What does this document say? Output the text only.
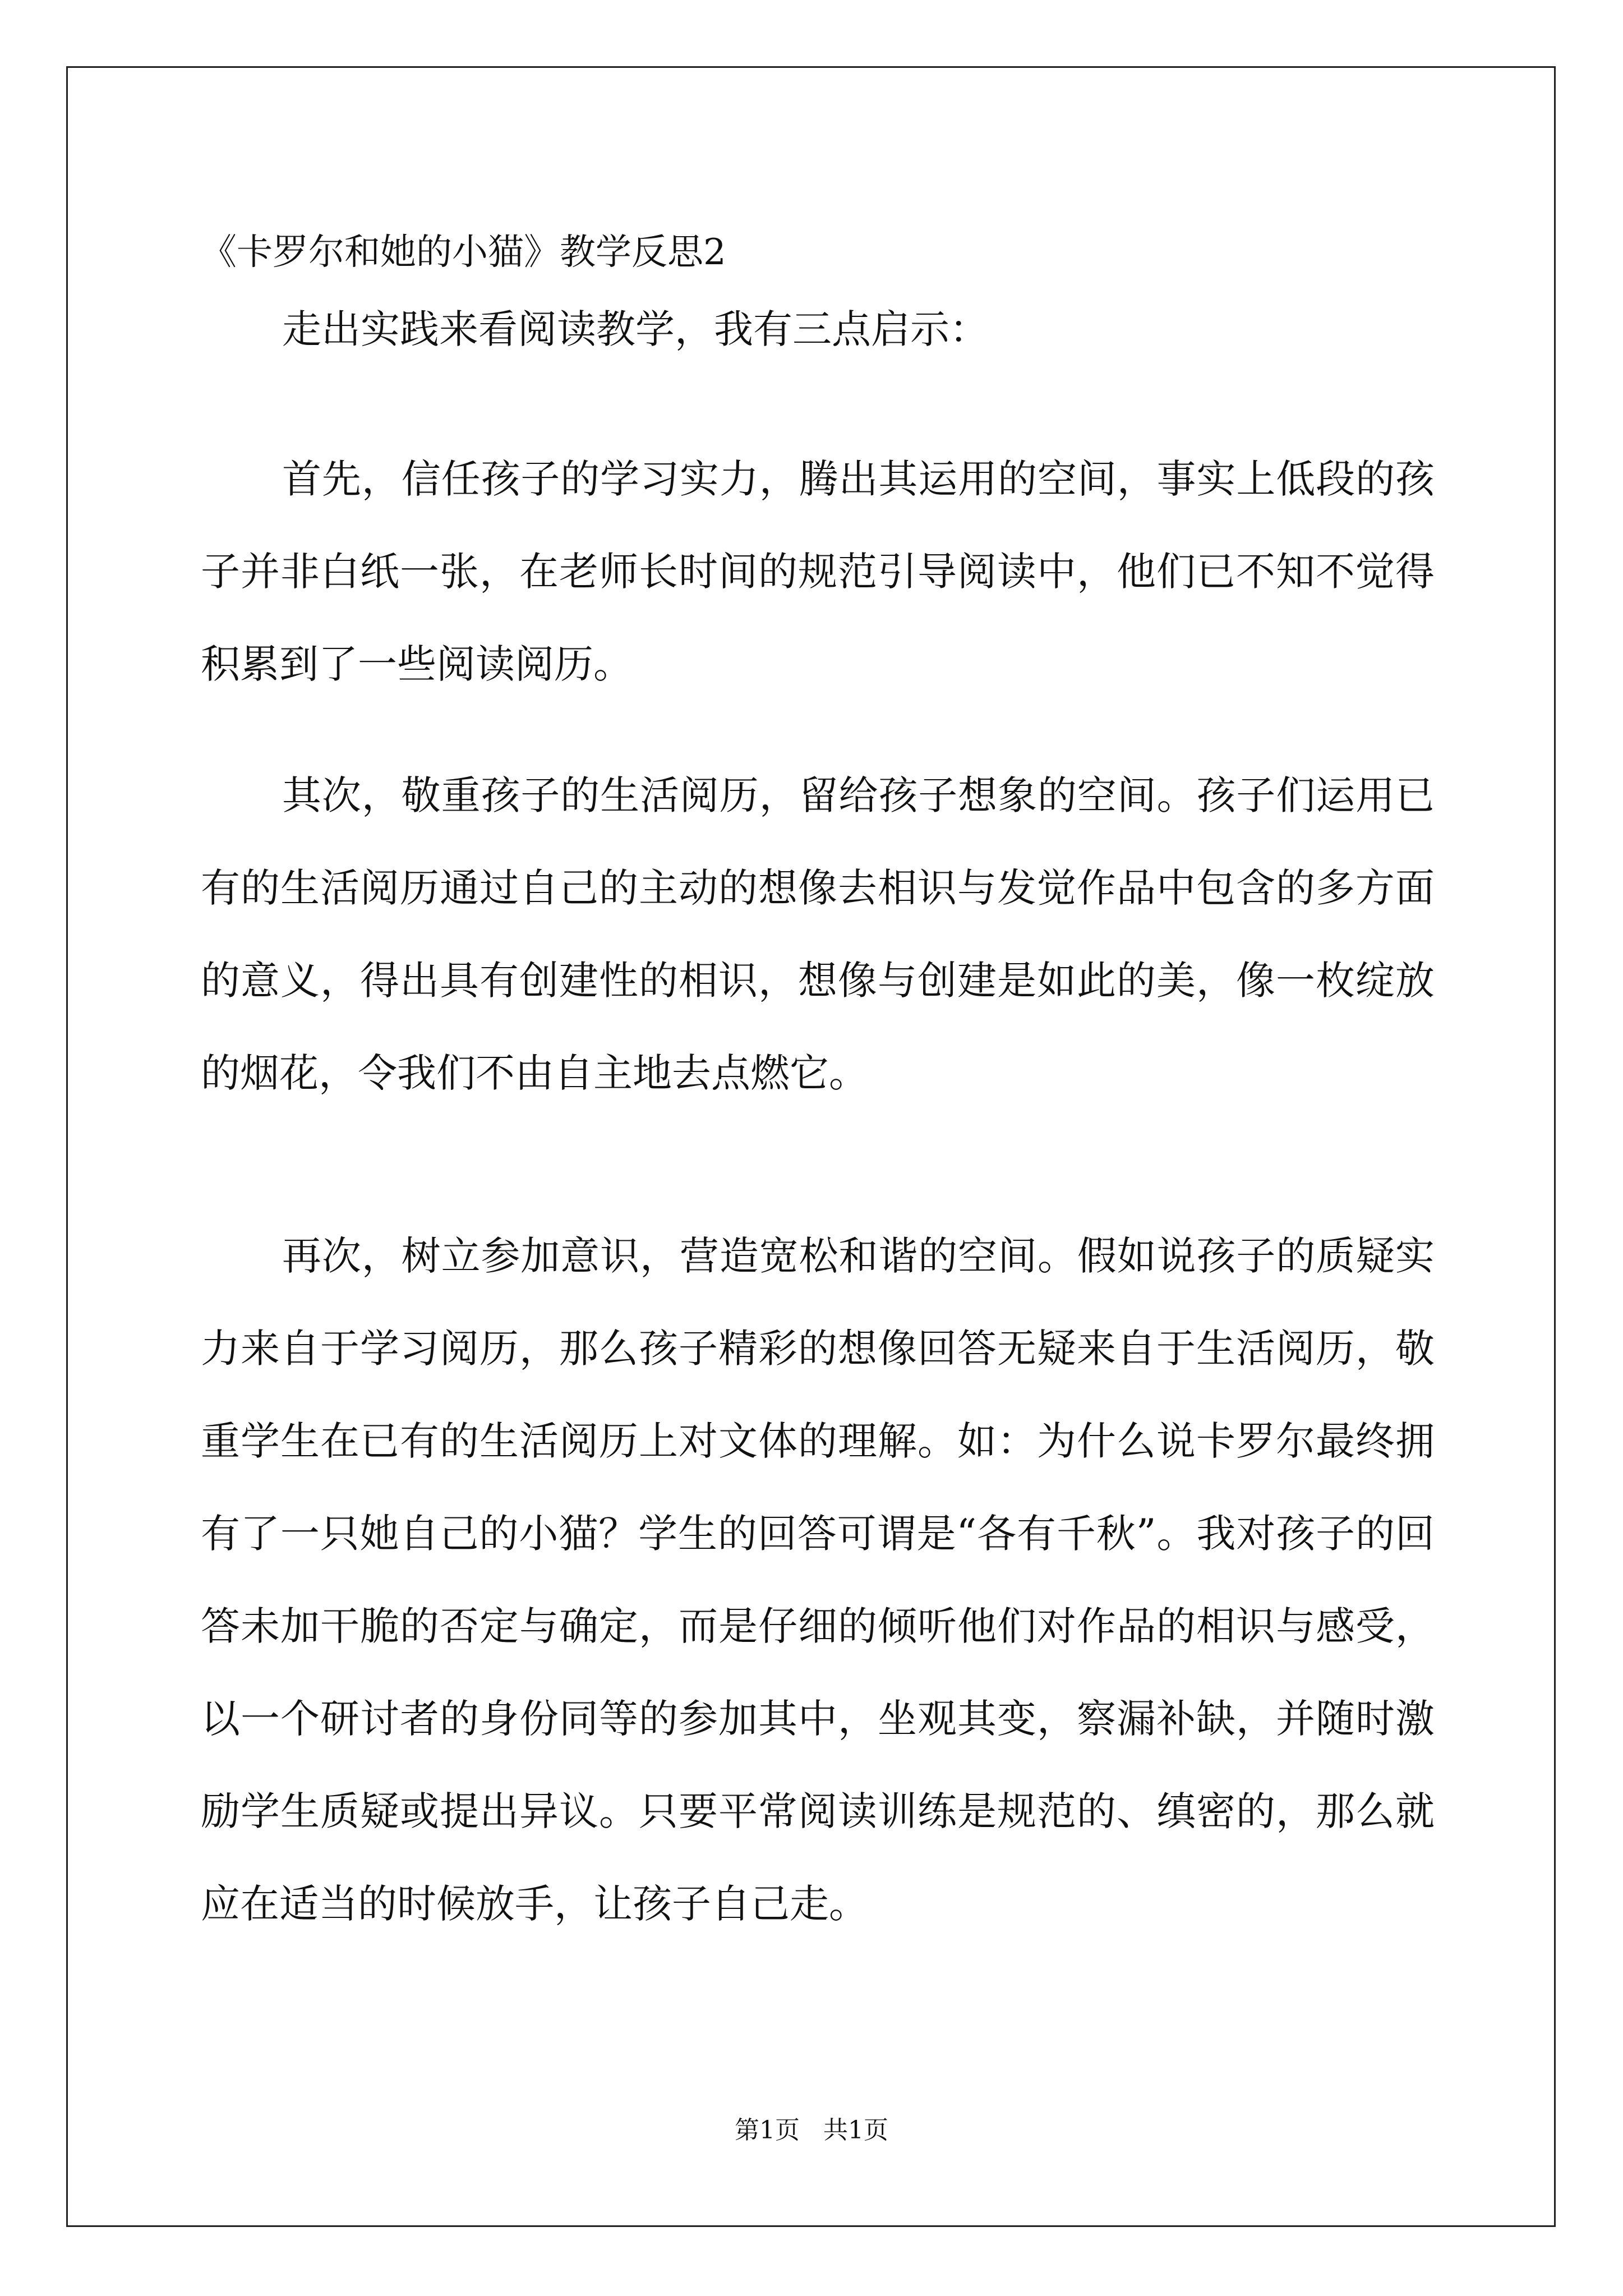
《卡罗尔和她的小猫》教学反思2

走出实践来看阅读教学，我有三点启示：

首先，信任孩子的学习实力，腾出其运用的空间，事实上低段的孩子并非白纸一张，在老师长时间的规范引导阅读中，他们已不知不觉得积累到了一些阅读阅历。

其次，敬重孩子的生活阅历，留给孩子想象的空间。孩子们运用已有的生活阅历通过自己的主动的想像去相识与发觉作品中包含的多方面的意义，得出具有创建性的相识，想像与创建是如此的美，像一枚绽放的烟花，令我们不由自主地去点燃它。

再次，树立参加意识，营造宽松和谐的空间。假如说孩子的质疑实力来自于学习阅历，那么孩子精彩的想像回答无疑来自于生活阅历，敬重学生在已有的生活阅历上对文体的理解。如：为什么说卡罗尔最终拥有了一只她自己的小猫？学生的回答可谓是“各有千秋”。我对孩子的回答未加干脆的否定与确定，而是仔细的倾听他们对作品的相识与感受，以一个研讨者的身份同等的参加其中，坐观其变，察漏补缺，并随时激励学生质疑或提出异议。只要平常阅读训练是规范的、缜密的，那么就应在适当的时候放手，让孩子自己走。

第1页   共1页
